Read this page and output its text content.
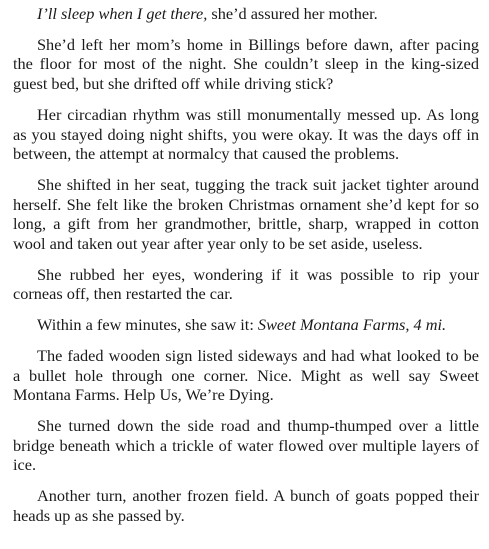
I’ll sleep when I get there, she’d assured her mother.

She’d left her mom’s home in Billings before dawn, after pacing the floor for most of the night. She couldn’t sleep in the king-sized guest bed, but she drifted off while driving stick?

Her circadian rhythm was still monumentally messed up. As long as you stayed doing night shifts, you were okay. It was the days off in between, the attempt at normalcy that caused the problems.

She shifted in her seat, tugging the track suit jacket tighter around herself. She felt like the broken Christmas ornament she’d kept for so long, a gift from her grandmother, brittle, sharp, wrapped in cotton wool and taken out year after year only to be set aside, useless.

She rubbed her eyes, wondering if it was possible to rip your corneas off, then restarted the car.

Within a few minutes, she saw it: Sweet Montana Farms, 4 mi.

The faded wooden sign listed sideways and had what looked to be a bullet hole through one corner. Nice. Might as well say Sweet Montana Farms. Help Us, We’re Dying.

She turned down the side road and thump-thumped over a little bridge beneath which a trickle of water flowed over multiple layers of ice.

Another turn, another frozen field. A bunch of goats popped their heads up as she passed by.
